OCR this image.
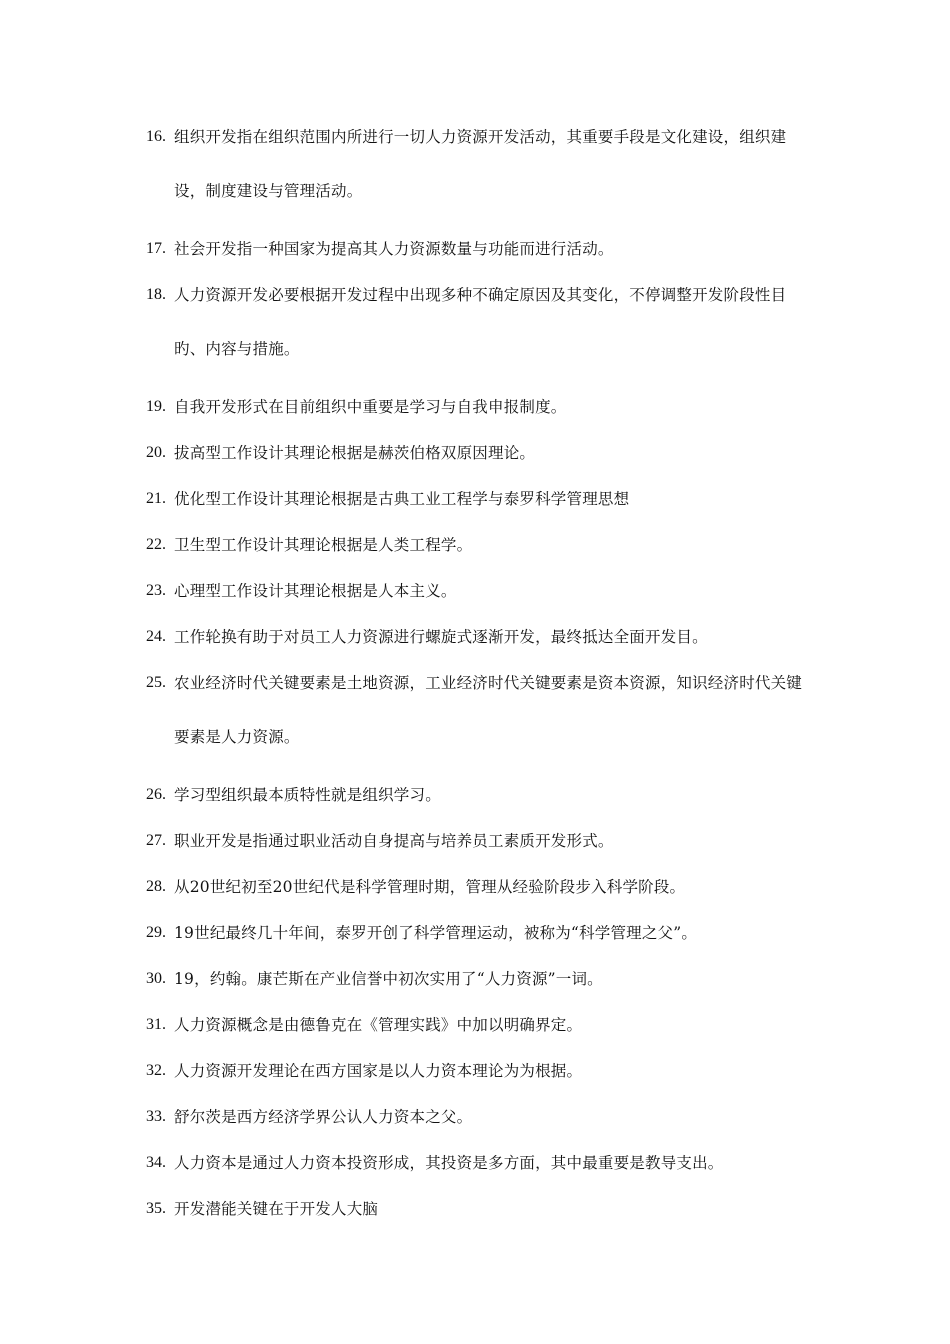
16. 组织开发指在组织范围内所进行一切人力资源开发活动，其重要手段是文化建设，组织建设，制度建设与管理活动。
17. 社会开发指一种国家为提高其人力资源数量与功能而进行活动。
18. 人力资源开发必要根据开发过程中出现多种不确定原因及其变化，不停调整开发阶段性目旳、内容与措施。
19. 自我开发形式在目前组织中重要是学习与自我申报制度。
20. 拔高型工作设计其理论根据是赫茨伯格双原因理论。
21. 优化型工作设计其理论根据是古典工业工程学与泰罗科学管理思想
22. 卫生型工作设计其理论根据是人类工程学。
23. 心理型工作设计其理论根据是人本主义。
24. 工作轮换有助于对员工人力资源进行螺旋式逐渐开发，最终抵达全面开发目。
25. 农业经济时代关键要素是土地资源，工业经济时代关键要素是资本资源，知识经济时代关键要素是人力资源。
26. 学习型组织最本质特性就是组织学习。
27. 职业开发是指通过职业活动自身提高与培养员工素质开发形式。
28. 从20世纪初至20世纪代是科学管理时期，管理从经验阶段步入科学阶段。
29. 19世纪最终几十年间，泰罗开创了科学管理运动，被称为“科学管理之父”。
30. 19，约翰。康芒斯在产业信誉中初次实用了“人力资源”一词。
31. 人力资源概念是由德鲁克在《管理实践》中加以明确界定。
32. 人力资源开发理论在西方国家是以人力资本理论为为根据。
33. 舒尔茨是西方经济学界公认人力资本之父。
34. 人力资本是通过人力资本投资形成，其投资是多方面，其中最重要是教导支出。
35. 开发潜能关键在于开发人大脑
